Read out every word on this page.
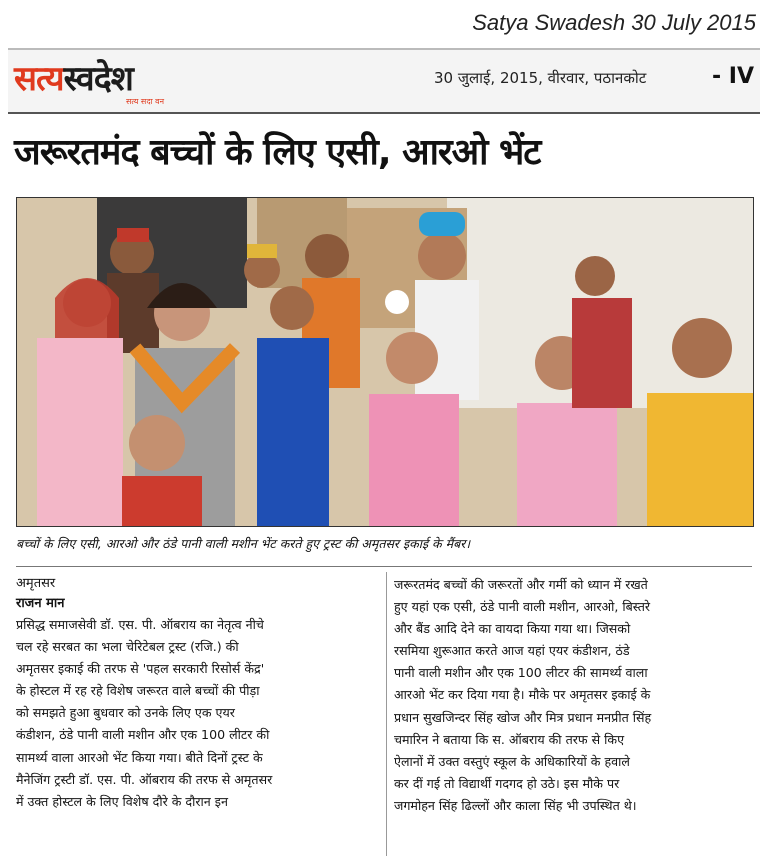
Satya Swadesh 30 July 2015
सत्यस्वदेश
सत्य सदा वन
30 जुलाई, 2015, वीरवार, पठानकोट	- IV
जरूरतमंद बच्चों के लिए एसी, आरओ भेंट
बच्चों के लिए एसी, आरओ और ठंडे पानी वाली मशीन भेंट करते हुए ट्रस्ट की अमृतसर इकाई के मैंबर।
अमृतसर
राजन मान
प्रसिद्ध समाजसेवी डॉ. एस. पी. ऑबराय का नेतृत्व नीचे
चल रहे सरबत का भला चेरिटेबल ट्रस्ट (रजि.) की
अमृतसर इकाई की तरफ से 'पहल सरकारी रिसोर्स केंद्र'
के होस्टल में रह रहे विशेष जरूरत वाले बच्चों की पीड़ा
को समझते हुआ बुधवार को उनके लिए एक एयर
कंडीशन, ठंडे पानी वाली मशीन और एक 100 लीटर की
सामर्थ्य वाला आरओ भेंट किया गया। बीते दिनों ट्रस्ट के
मैनेजिंग ट्रस्टी डॉ. एस. पी. ऑबराय की तरफ से अमृतसर
में उक्त होस्टल के लिए विशेष दौरे के दौरान इन
जरूरतमंद बच्चों की जरूरतों और गर्मी को ध्यान में रखते
हुए यहां एक एसी, ठंडे पानी वाली मशीन, आरओ, बिस्तरे
और बैंड आदि देने का वायदा किया गया था। जिसको
रसमिया शुरूआत करते आज यहां एयर कंडीशन, ठंडे
पानी वाली मशीन और एक 100 लीटर की सामर्थ्य वाला
आरओ भेंट कर दिया गया है। मौके पर अमृतसर इकाई के
प्रधान सुखजिन्दर सिंह खोज और मित्र प्रधान मनप्रीत सिंह
चमारिन ने बताया कि स. ऑबराय की तरफ से किए
ऐलानों में उक्त वस्तुएं स्कूल के अधिकारियों के हवाले
कर दीं गई तो विद्यार्थी गदगद हो उठे। इस मौके पर
जगमोहन सिंह ढिल्लों और काला सिंह भी उपस्थित थे।
